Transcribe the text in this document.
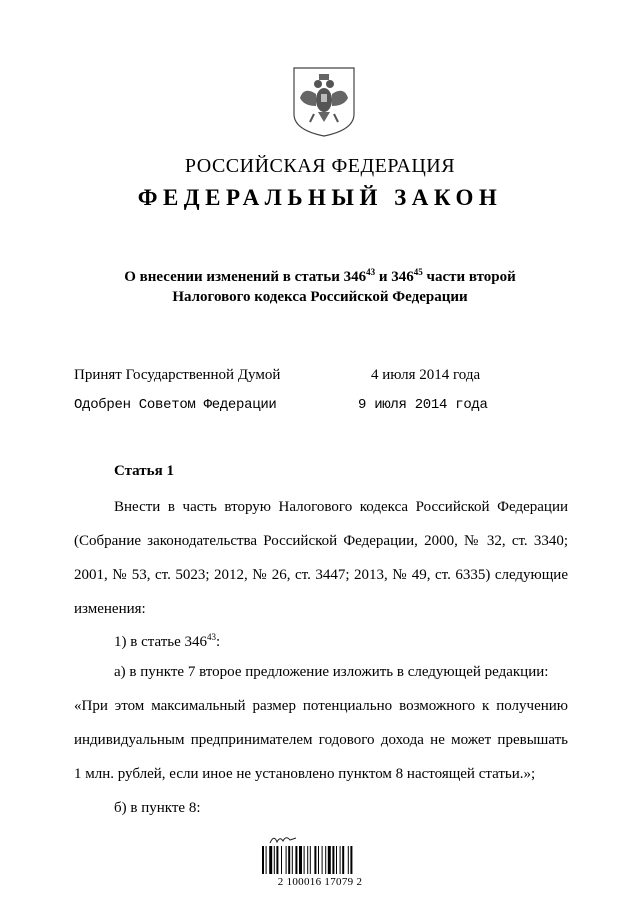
РОССИЙСКАЯ ФЕДЕРАЦИЯ
ФЕДЕРАЛЬНЫЙ ЗАКОН
О внесении изменений в статьи $346^{43}$ и $346^{45}$ части второй
Налогового кодекса Российской Федерации
Принят Государственной Думой	4 июля 2014 года
Одобрен Советом Федерации	9 июля 2014 года
Статья 1
Внести в часть вторую Налогового кодекса Российской Федерации
(Собрание законодательства Российской Федерации, 2000, № 32, ст. 3340;
2001, № 53, ст. 5023; 2012, № 26, ст. 3447; 2013, № 49, ст. 6335) следующие
изменения:
1) в статье $346^{43}$:
а) в пункте 7 второе предложение изложить в следующей редакции:
«При этом максимальный размер потенциально возможного к получению
индивидуальным предпринимателем годового дохода не может превышать
1 млн. рублей, если иное не установлено пунктом 8 настоящей статьи.»;
б) в пункте 8:
2 100016 17079 2
